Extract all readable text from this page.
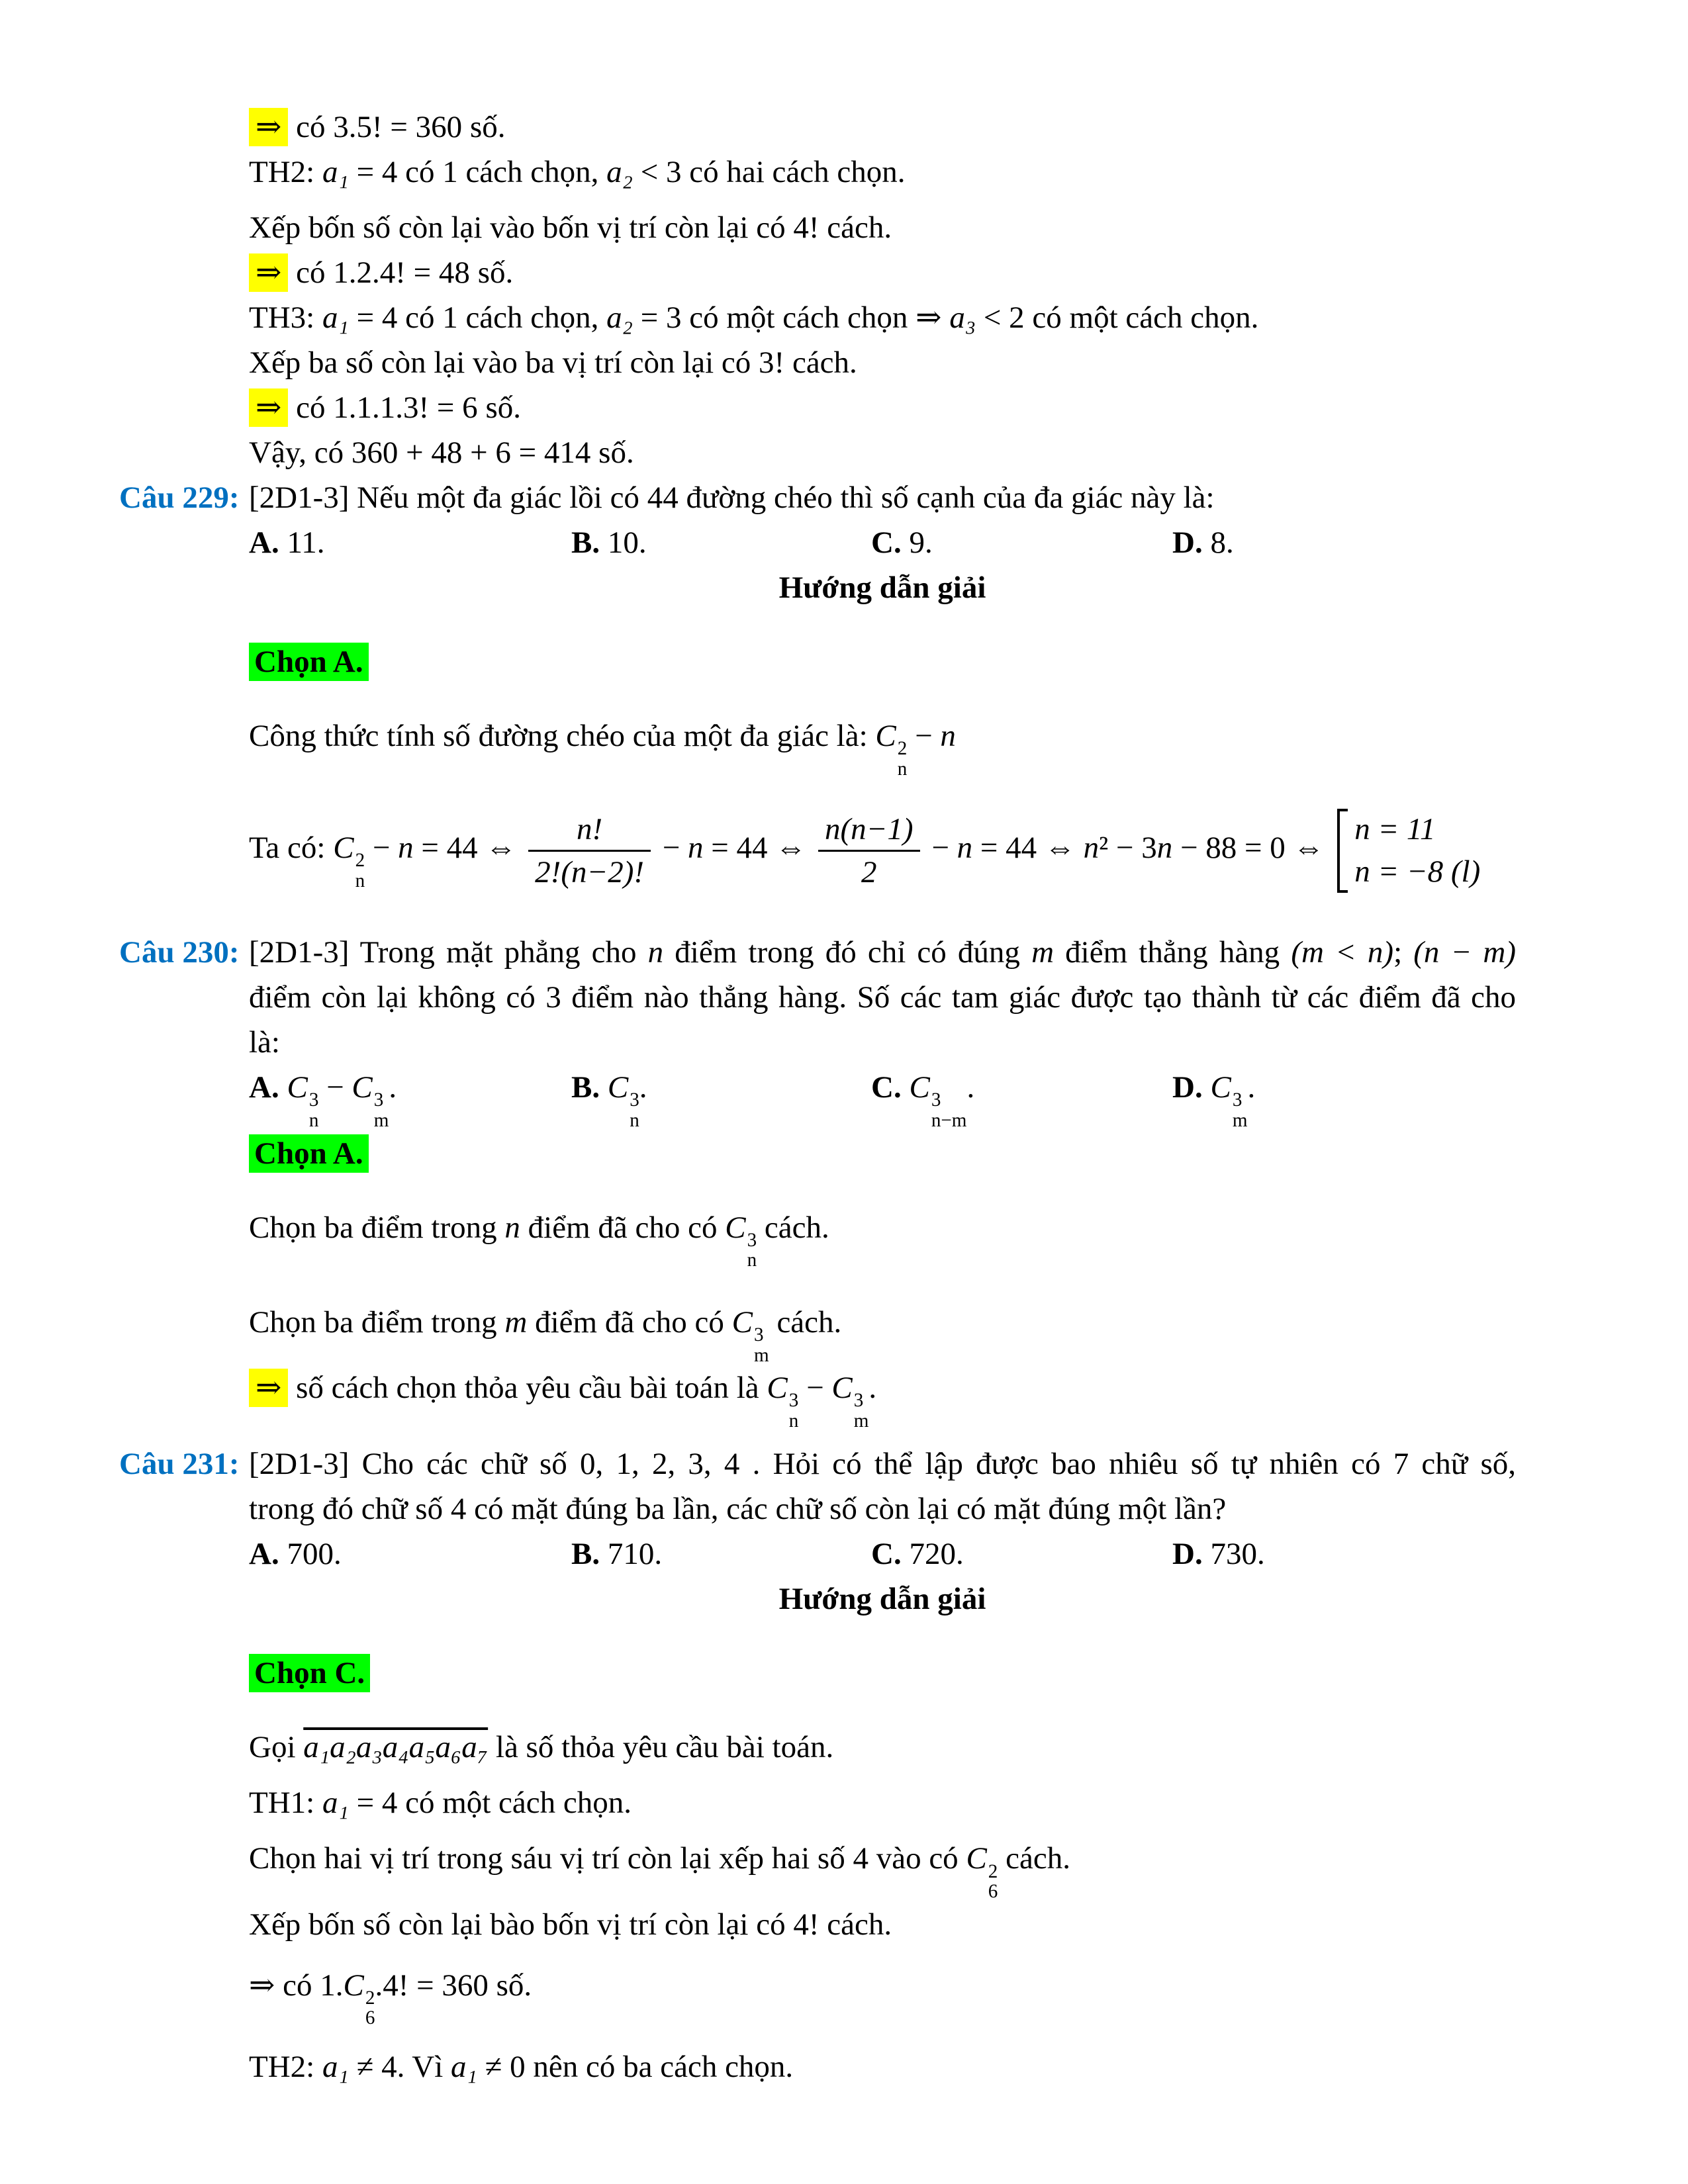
⇒ có 3.5! = 360 số.
TH2: a₁ = 4 có 1 cách chọn, a₂ < 3 có hai cách chọn.
Xếp bốn số còn lại vào bốn vị trí còn lại có 4! cách.
⇒ có 1.2.4! = 48 số.
TH3: a₁ = 4 có 1 cách chọn, a₂ = 3 có một cách chọn ⇒ a₃ < 2 có một cách chọn.
Xếp ba số còn lại vào ba vị trí còn lại có 3! cách.
⇒ có 1.1.1.3! = 6 số.
Vậy, có 360 + 48 + 6 = 414 số.
Câu 229: [2D1-3] Nếu một đa giác lồi có 44 đường chéo thì số cạnh của đa giác này là:
A. 11.	B. 10.	C. 9.	D. 8.
Hướng dẫn giải
Chọn A.
Công thức tính số đường chéo của một đa giác là: C 2
n
− n
Ta có: C 2
n
− n = 44 ⇔ $\frac{n!}{2!(n-2)!} - n = 44$ ⇔ $\frac{n(n-1)}{2} - n = 44$ ⇔ n² − 3n − 88 = 0 ⇔
n = 11
n = −8 (l)
Câu 230: [2D1-3] Trong mặt phẳng cho n điểm trong đó chỉ có đúng m điểm thẳng hàng (m < n); (n − m)
điểm còn lại không có 3 điểm nào thẳng hàng. Số các tam giác được tạo thành từ các điểm đã cho
là:
A. C 3
n
− C 3
m
.	B. C 3
n
.	C. C 3
n−m
.	D. C 3
m
.
Chọn A.
Chọn ba điểm trong n điểm đã cho có C 3
n
cách.
Chọn ba điểm trong m điểm đã cho có C 3
m
cách.
⇒ số cách chọn thỏa yêu cầu bài toán là C 3
n
− C 3
m
.
Câu 231: [2D1-3] Cho các chữ số 0, 1, 2, 3, 4 . Hỏi có thể lập được bao nhiêu số tự nhiên có 7 chữ số,
trong đó chữ số 4 có mặt đúng ba lần, các chữ số còn lại có mặt đúng một lần?
A. 700.	B. 710.	C. 720.	D. 730.
Hướng dẫn giải
Chọn C.
Gọi a₁a₂a₃a₄a₅a₆a₇ là số thỏa yêu cầu bài toán.
TH1: a₁ = 4 có một cách chọn.
Chọn hai vị trí trong sáu vị trí còn lại xếp hai số 4 vào có C 2
6
cách.
Xếp bốn số còn lại bào bốn vị trí còn lại có 4! cách.
⇒ có 1.C 2
6
.4! = 360 số.
TH2: a₁ ≠ 4. Vì a₁ ≠ 0 nên có ba cách chọn.
